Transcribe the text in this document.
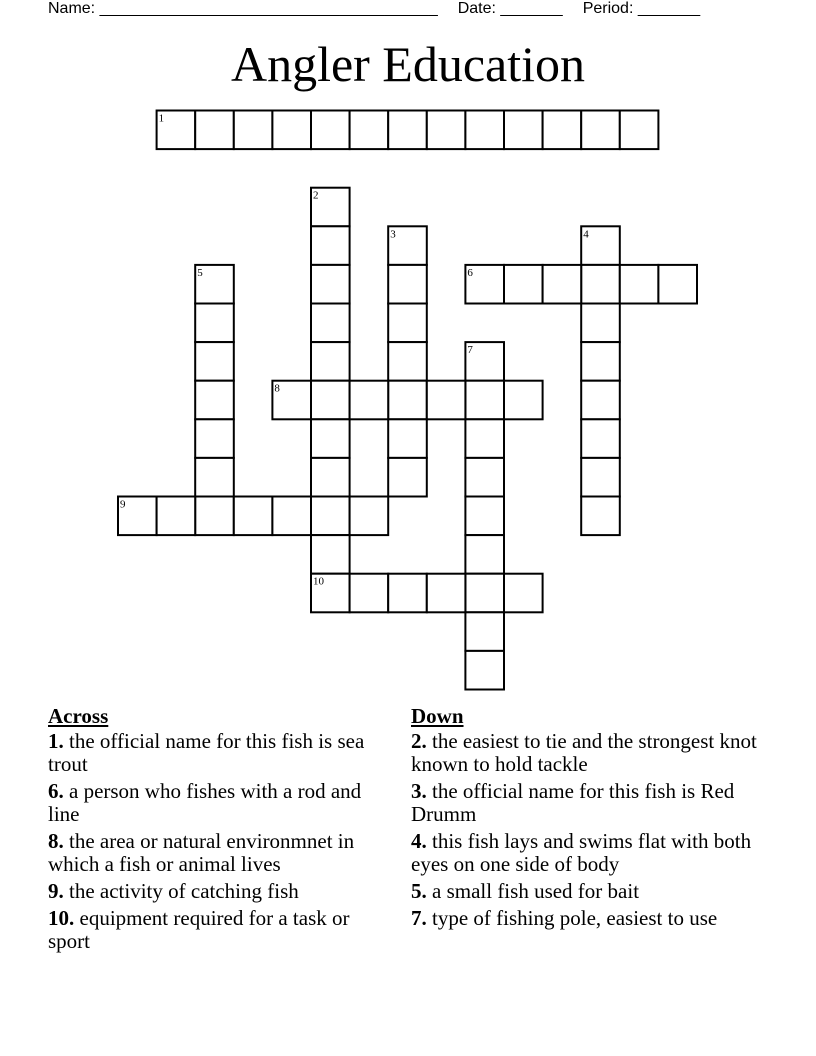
Name: ______________________________________ Date: _______ Period: _______
Angler Education
1
2
3	4
5	6
7
8
9
10
Across
1. the official name for this fish is sea trout
6. a person who fishes with a rod and line
8. the area or natural environmnet in which a fish or animal lives
9. the activity of catching fish
10. equipment required for a task or sport
Down
2. the easiest to tie and the strongest knot known to hold tackle
3. the official name for this fish is Red Drumm
4. this fish lays and swims flat with both eyes on one side of body
5. a small fish used for bait
7. type of fishing pole, easiest to use
